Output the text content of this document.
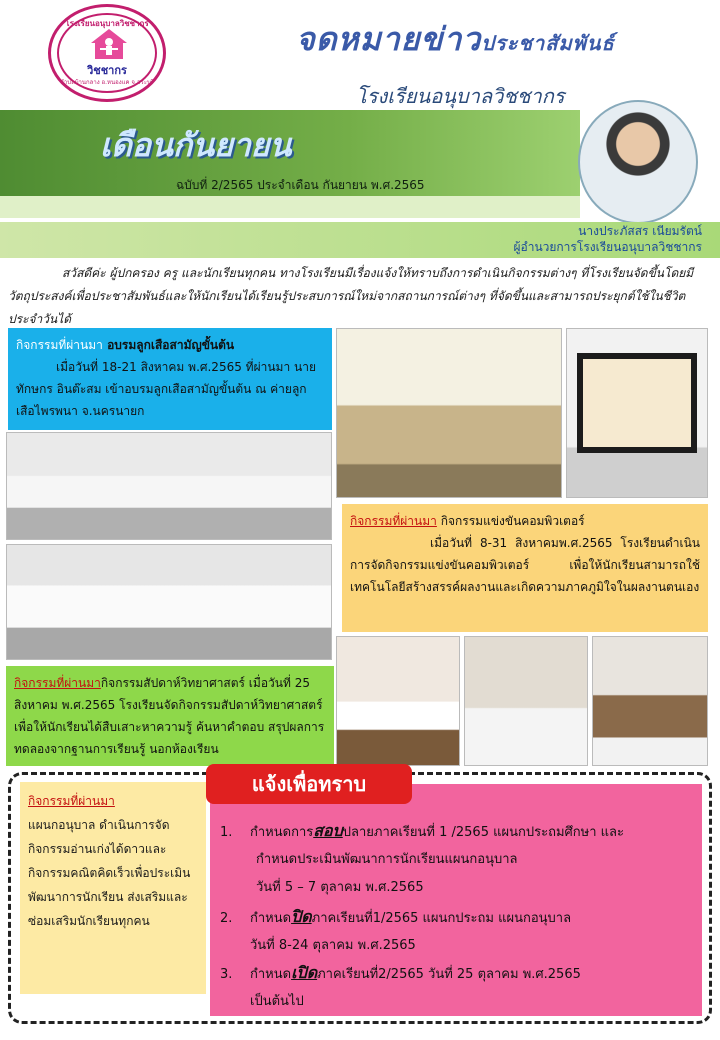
โรงเรียนอนุบาลวิชชากร
วิชชากร
ตำบลบ้านกลาง อ.หนองแค จ.สระบุรี
จดหมายข่าวประชาสัมพันธ์
โรงเรียนอนุบาลวิชชากร
เดือนกันยายน
ฉบับที่ 2/2565 ประจำเดือน กันยายน พ.ศ.2565
นางประภัสสร เนียมรัตน์
ผู้อำนวยการโรงเรียนอนุบาลวิชชากร
สวัสดีค่ะ ผู้ปกครอง ครู และนักเรียนทุกคน ทางโรงเรียนมีเรื่องแจ้งให้ทราบถึงการดำเนินกิจกรรมต่างๆ ที่โรงเรียนจัดขึ้นโดยมีวัตถุประสงค์เพื่อประชาสัมพันธ์และให้นักเรียนได้เรียนรู้ประสบการณ์ใหม่จากสถานการณ์ต่างๆ ที่จัดขึ้นและสามารถประยุกต์ใช้ในชีวิตประจำวันได้
กิจกรรมที่ผ่านมา อบรมลูกเสือสามัญขั้นต้น

เมื่อวันที่ 18-21 สิงหาคม พ.ศ.2565 ที่ผ่านมา นายทักษกร อินต๊ะสม เข้าอบรมลูกเสือสามัญขั้นต้น ณ ค่ายลูกเสือไพรพนา จ.นครนายก
กิจกรรมที่ผ่านมา กิจกรรมแข่งขันคอมพิวเตอร์

เมื่อวันที่ 8-31 สิงหาคมพ.ศ.2565 โรงเรียนดำเนินการจัดกิจกรรมแข่งขันคอมพิวเตอร์ เพื่อให้นักเรียนสามารถใช้เทคโนโลยีสร้างสรรค์ผลงานและเกิดความภาคภูมิใจในผลงานตนเอง
กิจกรรมที่ผ่านมากิจกรรมสัปดาห์วิทยาศาสตร์ เมื่อวันที่ 25 สิงหาคม พ.ศ.2565 โรงเรียนจัดกิจกรรมสัปดาห์วิทยาศาสตร์ เพื่อให้นักเรียนได้สืบเสาะหาความรู้ ค้นหาคำตอบ สรุปผลการทดลองจากฐานการเรียนรู้ นอกห้องเรียน
กิจกรรมที่ผ่านมา
แผนกอนุบาล ดำเนินการจัดกิจกรรมอ่านเก่งได้ดาวและกิจกรรมคณิตคิดเร็วเพื่อประเมินพัฒนาการนักเรียน ส่งเสริมและซ่อมเสริมนักเรียนทุกคน
1. กำหนดการสอบปลายภาคเรียนที่ 1 /2565 แผนกประถมศึกษา และ
กำหนดประเมินพัฒนาการนักเรียนแผนกอนุบาล
วันที่ 5 – 7 ตุลาคม พ.ศ.2565
2. กำหนดปิดภาคเรียนที่1/2565 แผนกประถม แผนกอนุบาล
วันที่ 8-24 ตุลาคม พ.ศ.2565
3. กำหนดเปิดภาคเรียนที่2/2565 วันที่ 25 ตุลาคม พ.ศ.2565
เป็นต้นไป
แจ้งเพื่อทราบ
